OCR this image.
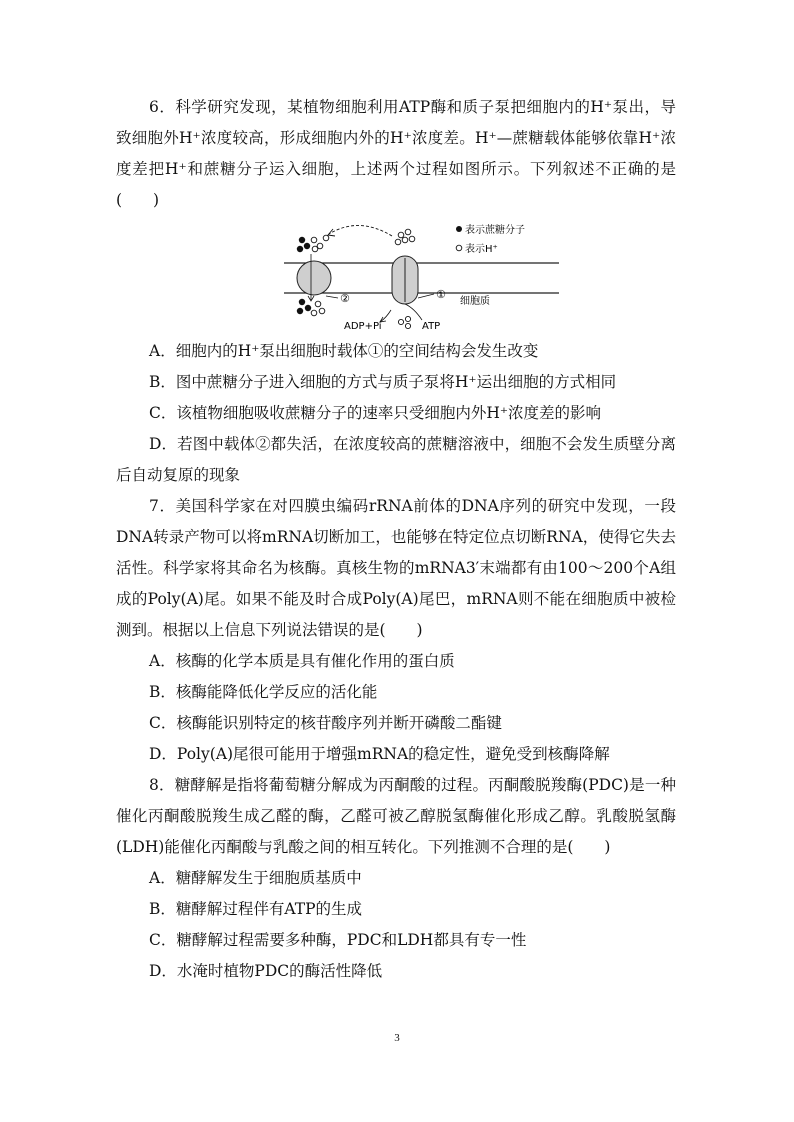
6．科学研究发现，某植物细胞利用ATP酶和质子泵把细胞内的H⁺泵出，导致细胞外H⁺浓度较高，形成细胞内外的H⁺浓度差。H⁺—蔗糖载体能够依靠H⁺浓度差把H⁺和蔗糖分子运入细胞，上述两个过程如图所示。下列叙述不正确的是(　　)

①
②
ADP+Pi	ATP
细胞质
表示蔗糖分子
表示H⁺

A．细胞内的H⁺泵出细胞时载体①的空间结构会发生改变

B．图中蔗糖分子进入细胞的方式与质子泵将H⁺运出细胞的方式相同

C．该植物细胞吸收蔗糖分子的速率只受细胞内外H⁺浓度差的影响

D．若图中载体②都失活，在浓度较高的蔗糖溶液中，细胞不会发生质壁分离后自动复原的现象

7．美国科学家在对四膜虫编码rRNA前体的DNA序列的研究中发现，一段DNA转录产物可以将mRNA切断加工，也能够在特定位点切断RNA，使得它失去活性。科学家将其命名为核酶。真核生物的mRNA3′末端都有由100～200个A组成的Poly(A)尾。如果不能及时合成Poly(A)尾巴，mRNA则不能在细胞质中被检测到。根据以上信息下列说法错误的是(　　)

A．核酶的化学本质是具有催化作用的蛋白质

B．核酶能降低化学反应的活化能

C．核酶能识别特定的核苷酸序列并断开磷酸二酯键

D．Poly(A)尾很可能用于增强mRNA的稳定性，避免受到核酶降解

8．糖酵解是指将葡萄糖分解成为丙酮酸的过程。丙酮酸脱羧酶(PDC)是一种催化丙酮酸脱羧生成乙醛的酶，乙醛可被乙醇脱氢酶催化形成乙醇。乳酸脱氢酶(LDH)能催化丙酮酸与乳酸之间的相互转化。下列推测不合理的是(　　)

A．糖酵解发生于细胞质基质中

B．糖酵解过程伴有ATP的生成

C．糖酵解过程需要多种酶，PDC和LDH都具有专一性

D．水淹时植物PDC的酶活性降低

3
